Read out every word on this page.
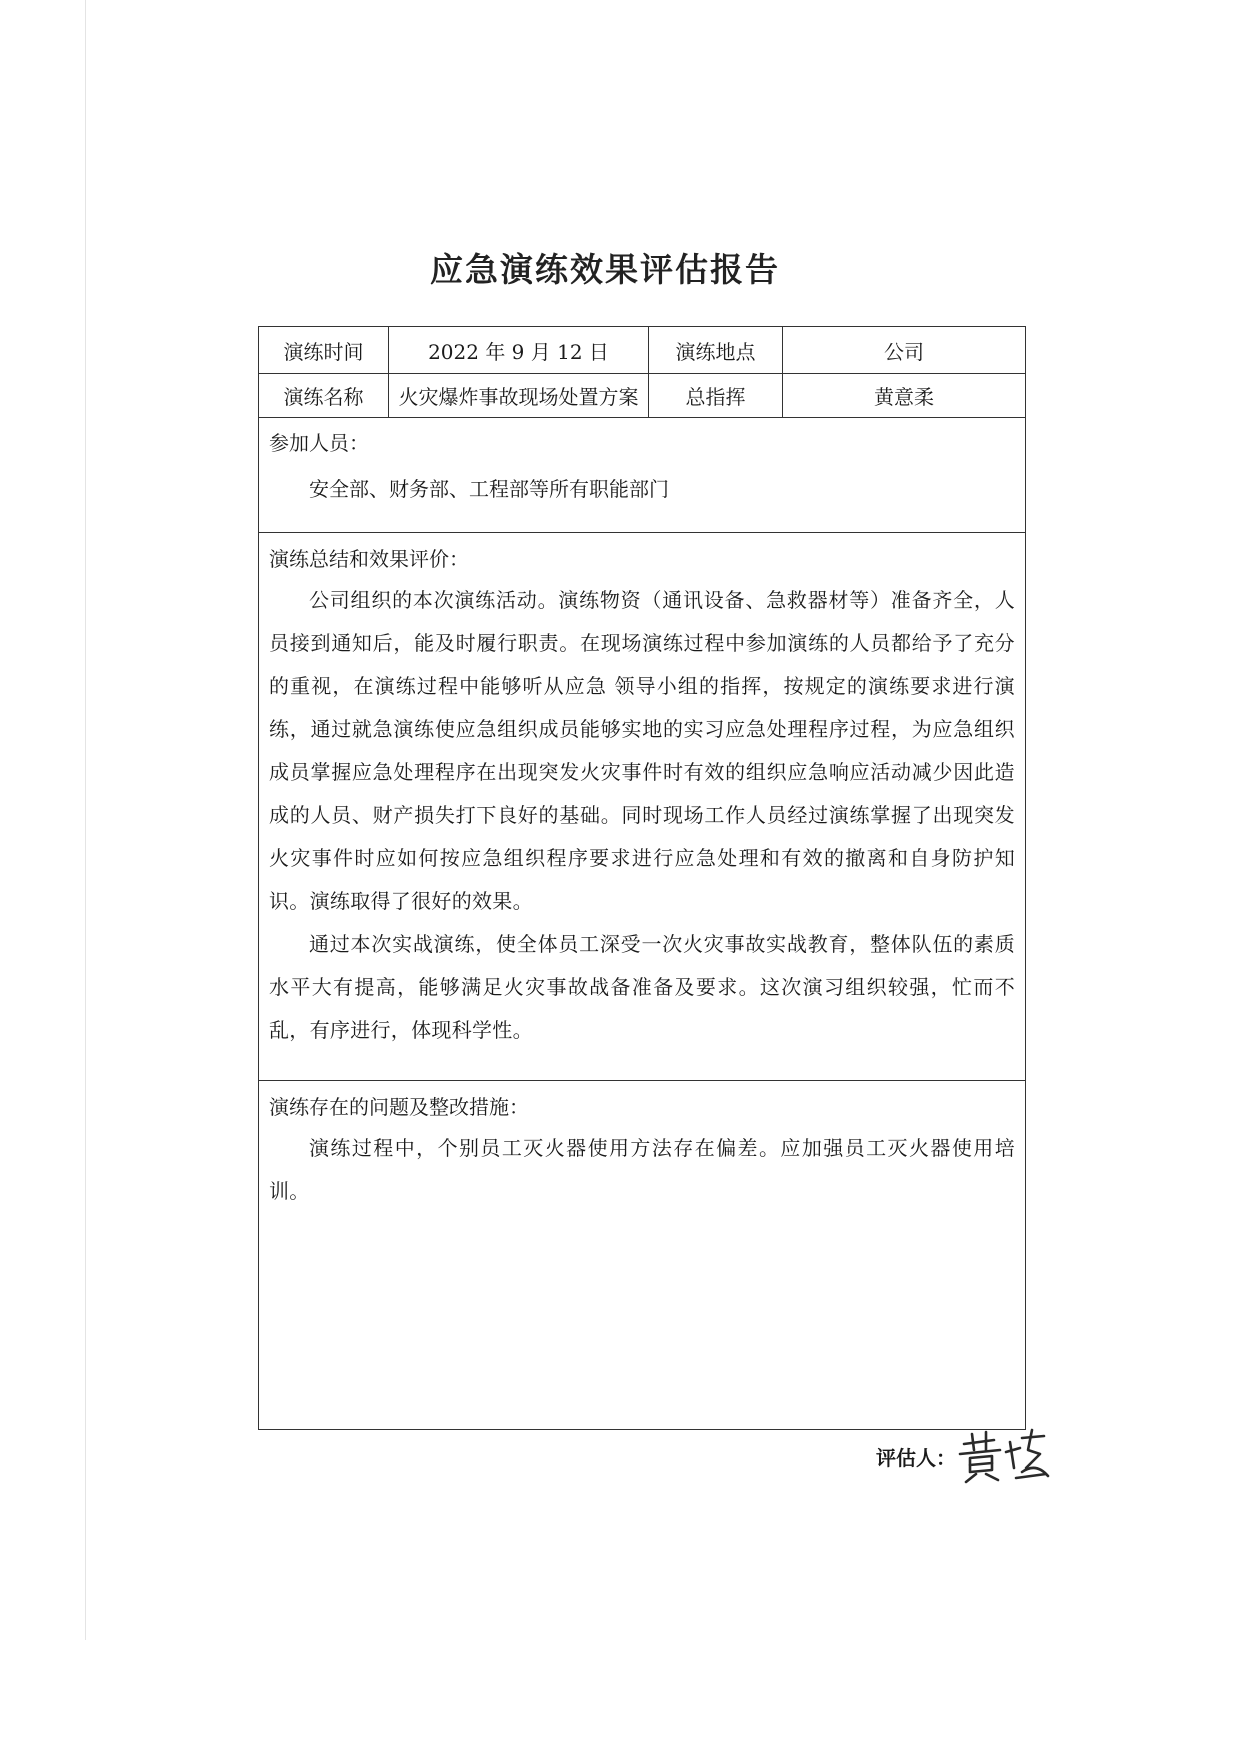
应急演练效果评估报告
演练时间	2022 年 9 月 12 日	演练地点	公司
演练名称	火灾爆炸事故现场处置方案	总指挥	黄意柔

参加人员：

安全部、财务部、工程部等所有职能部门

演练总结和效果评价：

公司组织的本次演练活动。演练物资（通讯设备、急救器材等）准备齐全，人员接到通知后，能及时履行职责。在现场演练过程中参加演练的人员都给予了充分的重视，在演练过程中能够听从应急 领导小组的指挥，按规定的演练要求进行演练，通过就急演练使应急组织成员能够实地的实习应急处理程序过程，为应急组织成员掌握应急处理程序在出现突发火灾事件时有效的组织应急响应活动减少因此造成的人员、财产损失打下良好的基础。同时现场工作人员经过演练掌握了出现突发火灾事件时应如何按应急组织程序要求进行应急处理和有效的撤离和自身防护知识。演练取得了很好的效果。

通过本次实战演练，使全体员工深受一次火灾事故实战教育，整体队伍的素质水平大有提高，能够满足火灾事故战备准备及要求。这次演习组织较强，忙而不乱，有序进行，体现科学性。

演练存在的问题及整改措施：

演练过程中，个别员工灭火器使用方法存在偏差。应加强员工灭火器使用培训。

评估人：
